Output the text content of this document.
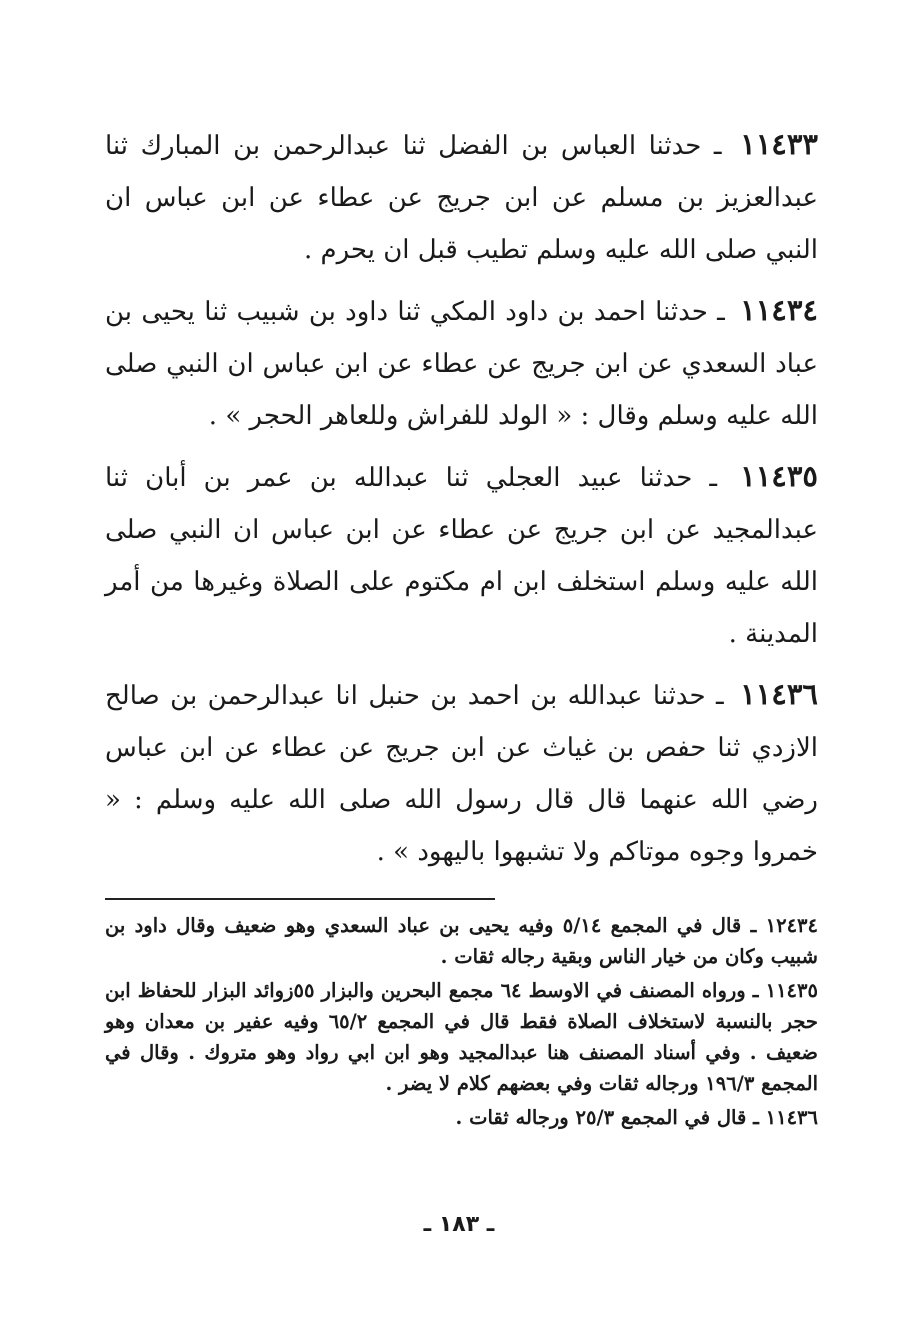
١١٤٣٣ ـ حدثنا العباس بن الفضل ثنا عبدالرحمن بن المبارك ثنا عبدالعزيز بن مسلم عن ابن جريج عن عطاء عن ابن عباس ان النبي صلى الله عليه وسلم تطيب قبل ان يحرم .

١١٤٣٤ ـ حدثنا احمد بن داود المكي ثنا داود بن شبيب ثنا يحيى بن عباد السعدي عن ابن جريج عن عطاء عن ابن عباس ان النبي صلى الله عليه وسلم وقال : « الولد للفراش وللعاهر الحجر » .

١١٤٣٥ ـ حدثنا عبيد العجلي ثنا عبدالله بن عمر بن أبان ثنا عبدالمجيد عن ابن جريج عن عطاء عن ابن عباس ان النبي صلى الله عليه وسلم استخلف ابن ام مكتوم على الصلاة وغيرها من أمر المدينة .

١١٤٣٦ ـ حدثنا عبدالله بن احمد بن حنبل انا عبدالرحمن بن صالح الازدي ثنا حفص بن غياث عن ابن جريج عن عطاء عن ابن عباس رضي الله عنهما قال قال رسول الله صلى الله عليه وسلم : « خمروا وجوه موتاكم ولا تشبهوا باليهود » .

١٢٤٣٤ ـ قال في المجمع ٥/١٤ وفيه يحيى بن عباد السعدي وهو ضعيف وقال داود بن شبيب وكان من خيار الناس وبقية رجاله ثقات .

١١٤٣٥ ـ ورواه المصنف في الاوسط ٦٤ مجمع البحرين والبزار ٥٥زوائد البزار للحفاظ ابن حجر بالنسبة لاستخلاف الصلاة فقط قال في المجمع ٦٥/٢ وفيه عفير بن معدان وهو ضعيف . وفي أسناد المصنف هنا عبدالمجيد وهو ابن ابي رواد وهو متروك . وقال في المجمع ١٩٦/٣ ورجاله ثقات وفي بعضهم كلام لا يضر .

١١٤٣٦ ـ قال في المجمع ٢٥/٣ ورجاله ثقات .

ـ ١٨٣ ـ
